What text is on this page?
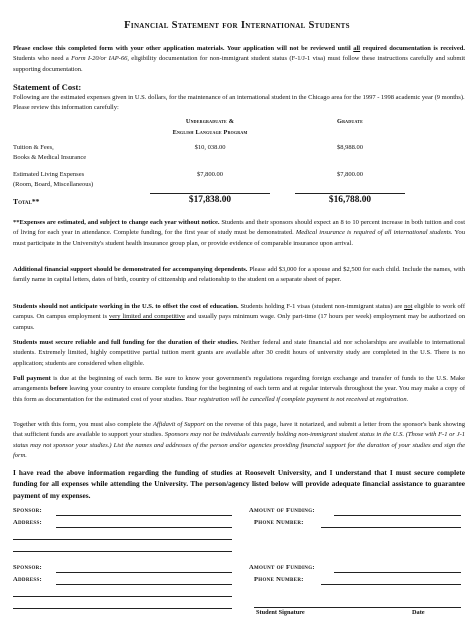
Financial Statement for International Students
Please enclose this completed form with your other application materials. Your application will not be reviewed until all required documentation is received. Students who need a Form I-20/or IAP-66, eligibility documentation for non-immigrant student status (F-1/J-1 visa) must follow these instructions carefully and submit supporting documentation.
Statement of Cost:
Following are the estimated expenses given in U.S. dollars, for the maintenance of an international student in the Chicago area for the 1997 - 1998 academic year (9 months). Please review this information carefully:
Undergraduate &
English Language Program
Graduate
Tuition & Fees,
Books & Medical Insurance
$10, 038.00	$8,988.00
Estimated Living Expenses
(Room, Board, Miscellaneous)
$7,800.00	$7,800.00
Total**	$17,838.00	$16,788.00
**Expenses are estimated, and subject to change each year without notice. Students and their sponsors should expect an 8 to 10 percent increase in both tuition and cost of living for each year in attendance. Complete funding, for the first year of study must be demonstrated. Medical insurance is required of all international students. You must participate in the University's student health insurance group plan, or provide evidence of comparable insurance upon arrival.
Additional financial support should be demonstrated for accompanying dependents. Please add $3,000 for a spouse and $2,500 for each child. Include the names, with family name in capital letters, dates of birth, country of citizenship and relationship to the student on a separate sheet of paper.
Students should not anticipate working in the U.S. to offset the cost of education. Students holding F-1 visas (student non-immigrant status) are not eligible to work off campus. On campus employment is very limited and competitive and usually pays minimum wage. Only part-time (17 hours per week) employment may be authorized on campus.
Students must secure reliable and full funding for the duration of their studies. Neither federal and state financial aid nor scholarships are available to international students. Extremely limited, highly competitive partial tuition merit grants are available after 30 credit hours of university study are completed in the U.S. There is no application; students are considered when eligible.
Full payment is due at the beginning of each term. Be sure to know your government's regulations regarding foreign exchange and transfer of funds to the U.S. Make arrangements before leaving your country to ensure complete funding for the beginning of each term and at regular intervals throughout the year. You may make a copy of this form as documentation for the estimated cost of your studies. Your registration will be cancelled if complete payment is not received at registration.
Together with this form, you must also complete the Affidavit of Support on the reverse of this page, have it notarized, and submit a letter from the sponsor's bank showing that sufficient funds are available to support your studies. Sponsors may not be individuals currently holding non-immigrant student status in the U.S. (Those with F-1 or J-1 status may not sponsor your studies.) List the names and addresses of the person and/or agencies providing financial support for the duration of your studies and sign the form.
I have read the above information regarding the funding of studies at Roosevelt University, and I understand that I must secure complete funding for all expenses while attending the University. The person/agency listed below will provide adequate financial assistance to guarantee payment of my expenses.
Sponsor:
Address:
Amount of Funding:
Phone Number:
Sponsor:
Address:
Amount of Funding:
Phone Number:
Student Signature	Date
